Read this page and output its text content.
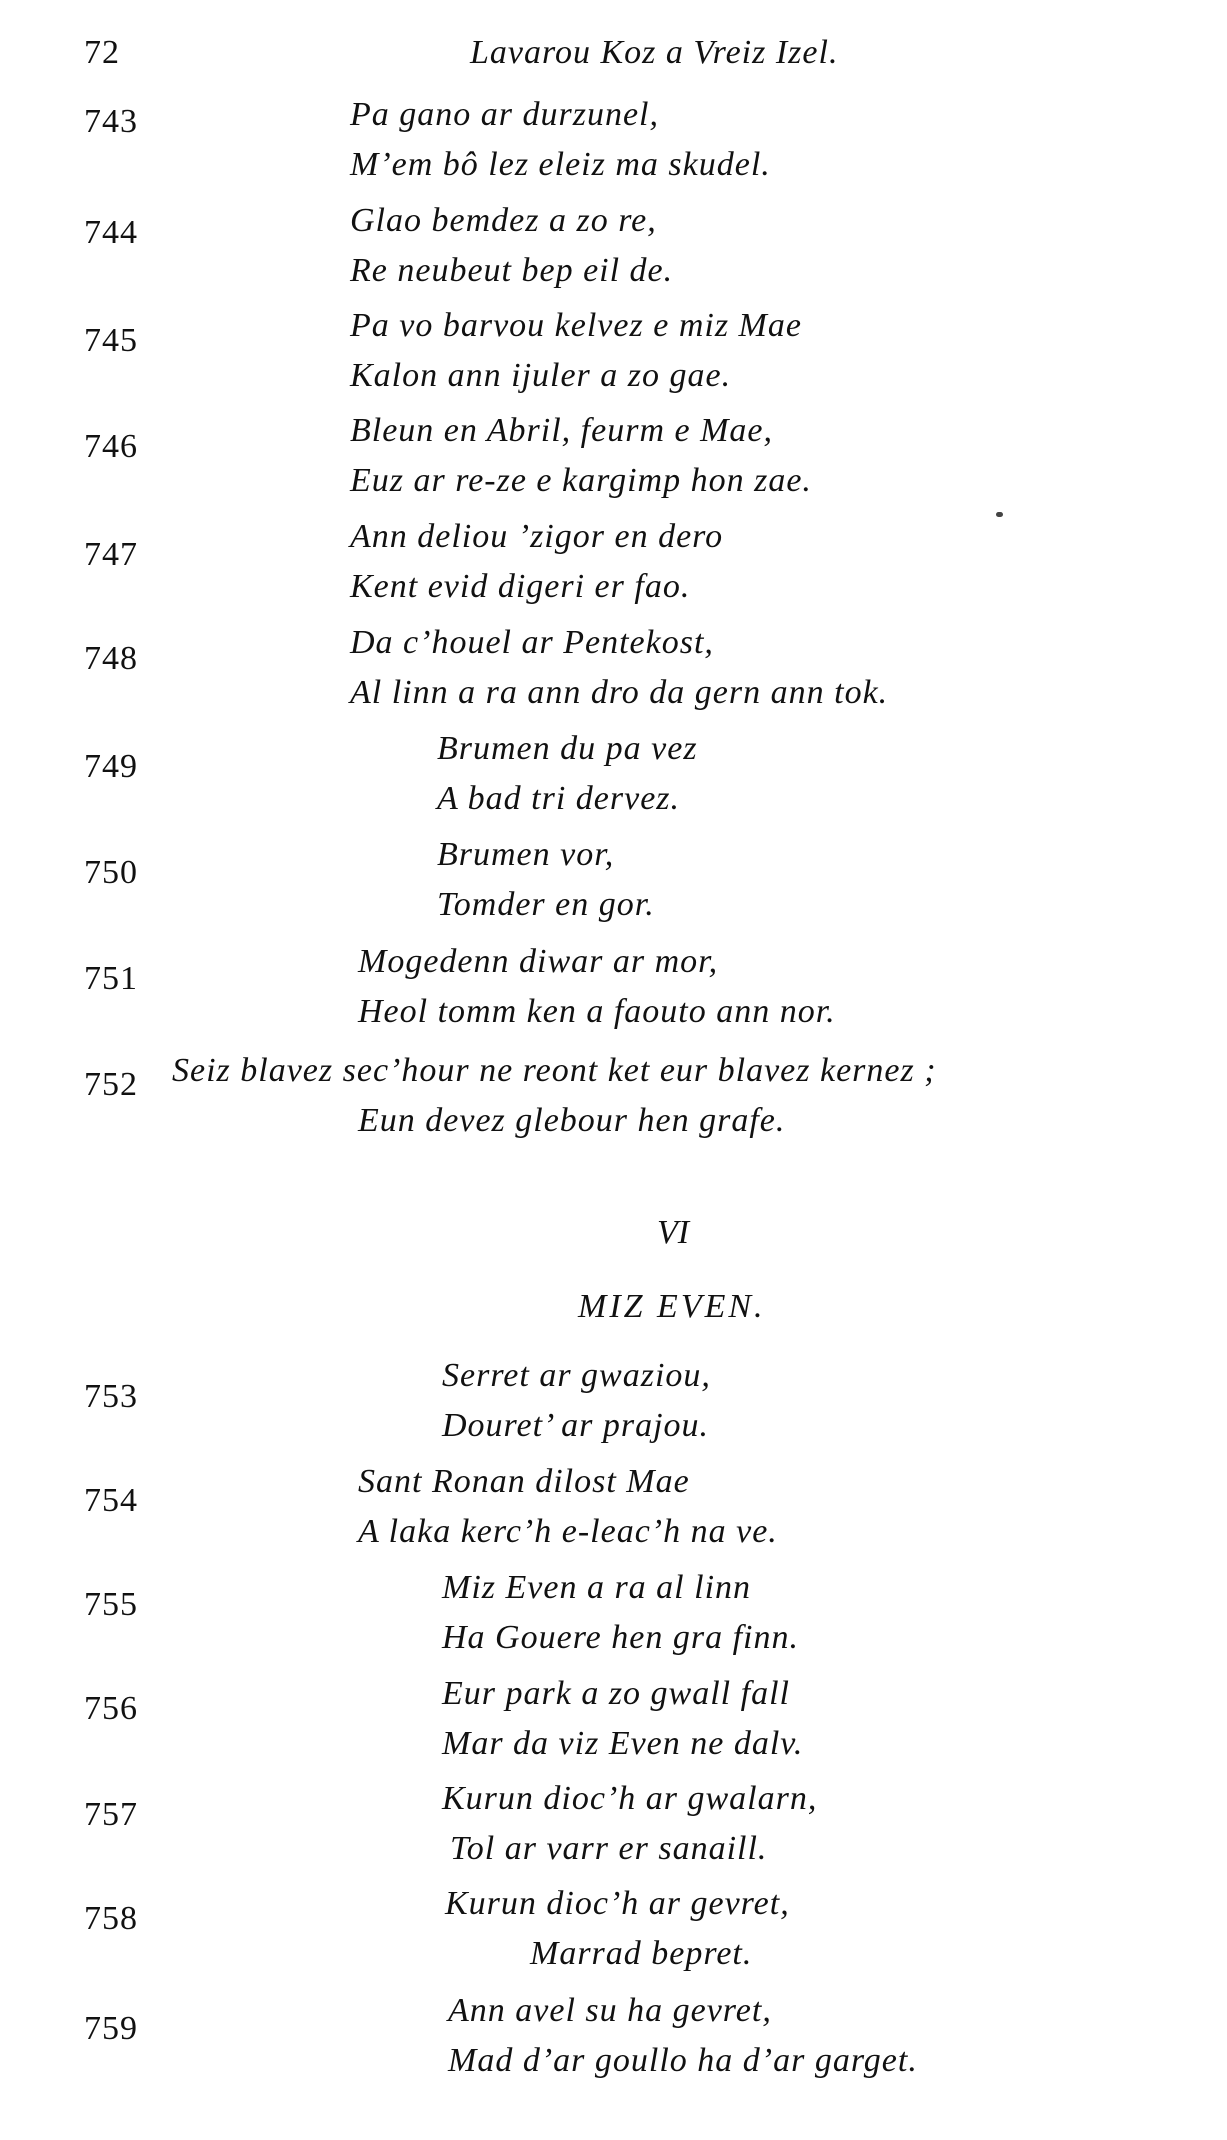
72	Lavarou Koz a Vreiz Izel.
743	Pa gano ar durzunel,
M’em bô lez eleiz ma skudel.
744	Glao bemdez a zo re,
Re neubeut bep eil de.
745	Pa vo barvou kelvez e miz Mae
Kalon ann ijuler a zo gae.
746	Bleun en Abril, feurm e Mae,
Euz ar re-ze e kargimp hon zae.
747	Ann deliou ’zigor en dero
Kent evid digeri er fao.
748	Da c’houel ar Pentekost,
Al linn a ra ann dro da gern ann tok.
749	Brumen du pa vez
A bad tri dervez.
750	Brumen vor,
Tomder en gor.
751	Mogedenn diwar ar mor,
Heol tomm ken a faouto ann nor.
752 Seiz blavez sec’hour ne reont ket eur blavez kernez ;
Eun devez glebour hen grafe.
VI
MIZ EVEN.
753
Serret ar gwaziou,
Douret’ ar prajou.
754
Sant Ronan dilost Mae
A laka kerc’h e-leac’h na ve.
755	Miz Even a ra al linn
Ha Gouere hen gra finn.
756	Eur park a zo gwall fall
Mar da viz Even ne dalv.
757	Kurun dioc’h ar gwalarn,
Tol ar varr er sanaill.
758	Kurun dioc’h ar gevret,
Marrad bepret.
759	Ann avel su ha gevret,
Mad d’ar goullo ha d’ar garget.
